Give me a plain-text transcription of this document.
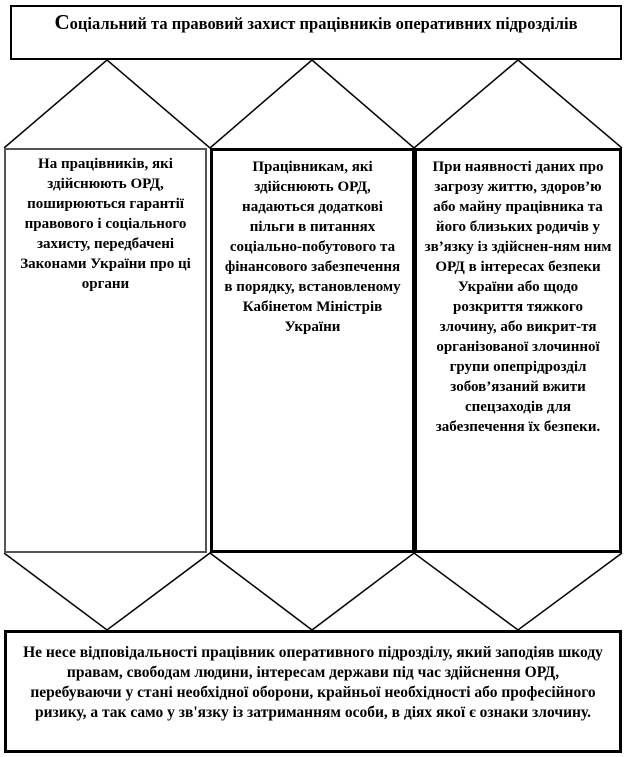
Соціальний та правовий захист працівників оперативних підрозділів
На працівників, які здійснюють ОРД, поширюються гарантії правового і соціального захисту, передбачені Законами України про ці органи
Працівникам, які здійснюють ОРД, надаються додаткові пільги в питаннях соціально-побутового та фінансового забезпечення в порядку, встановленому Кабінетом Міністрів України
При наявності даних про загрозу життю, здоров’ю або майну працівника та його близьких родичів у зв’язку із здійснен-ням ним ОРД в інтересах безпеки України або щодо розкриття тяжкого злочину, або викрит-тя організованої злочинної групи опепрідрозділ зобов’язаний вжити спецзаходів для забезпечення їх безпеки.
Не несе відповідальності працівник оперативного підрозділу, який заподіяв шкоду правам, свободам людини, інтересам держави під час здійснення ОРД, перебуваючи у стані необхідної оборони, крайньої необхідності або професійного ризику, а так само у зв'язку із затриманням особи, в діях якої є ознаки злочину.
